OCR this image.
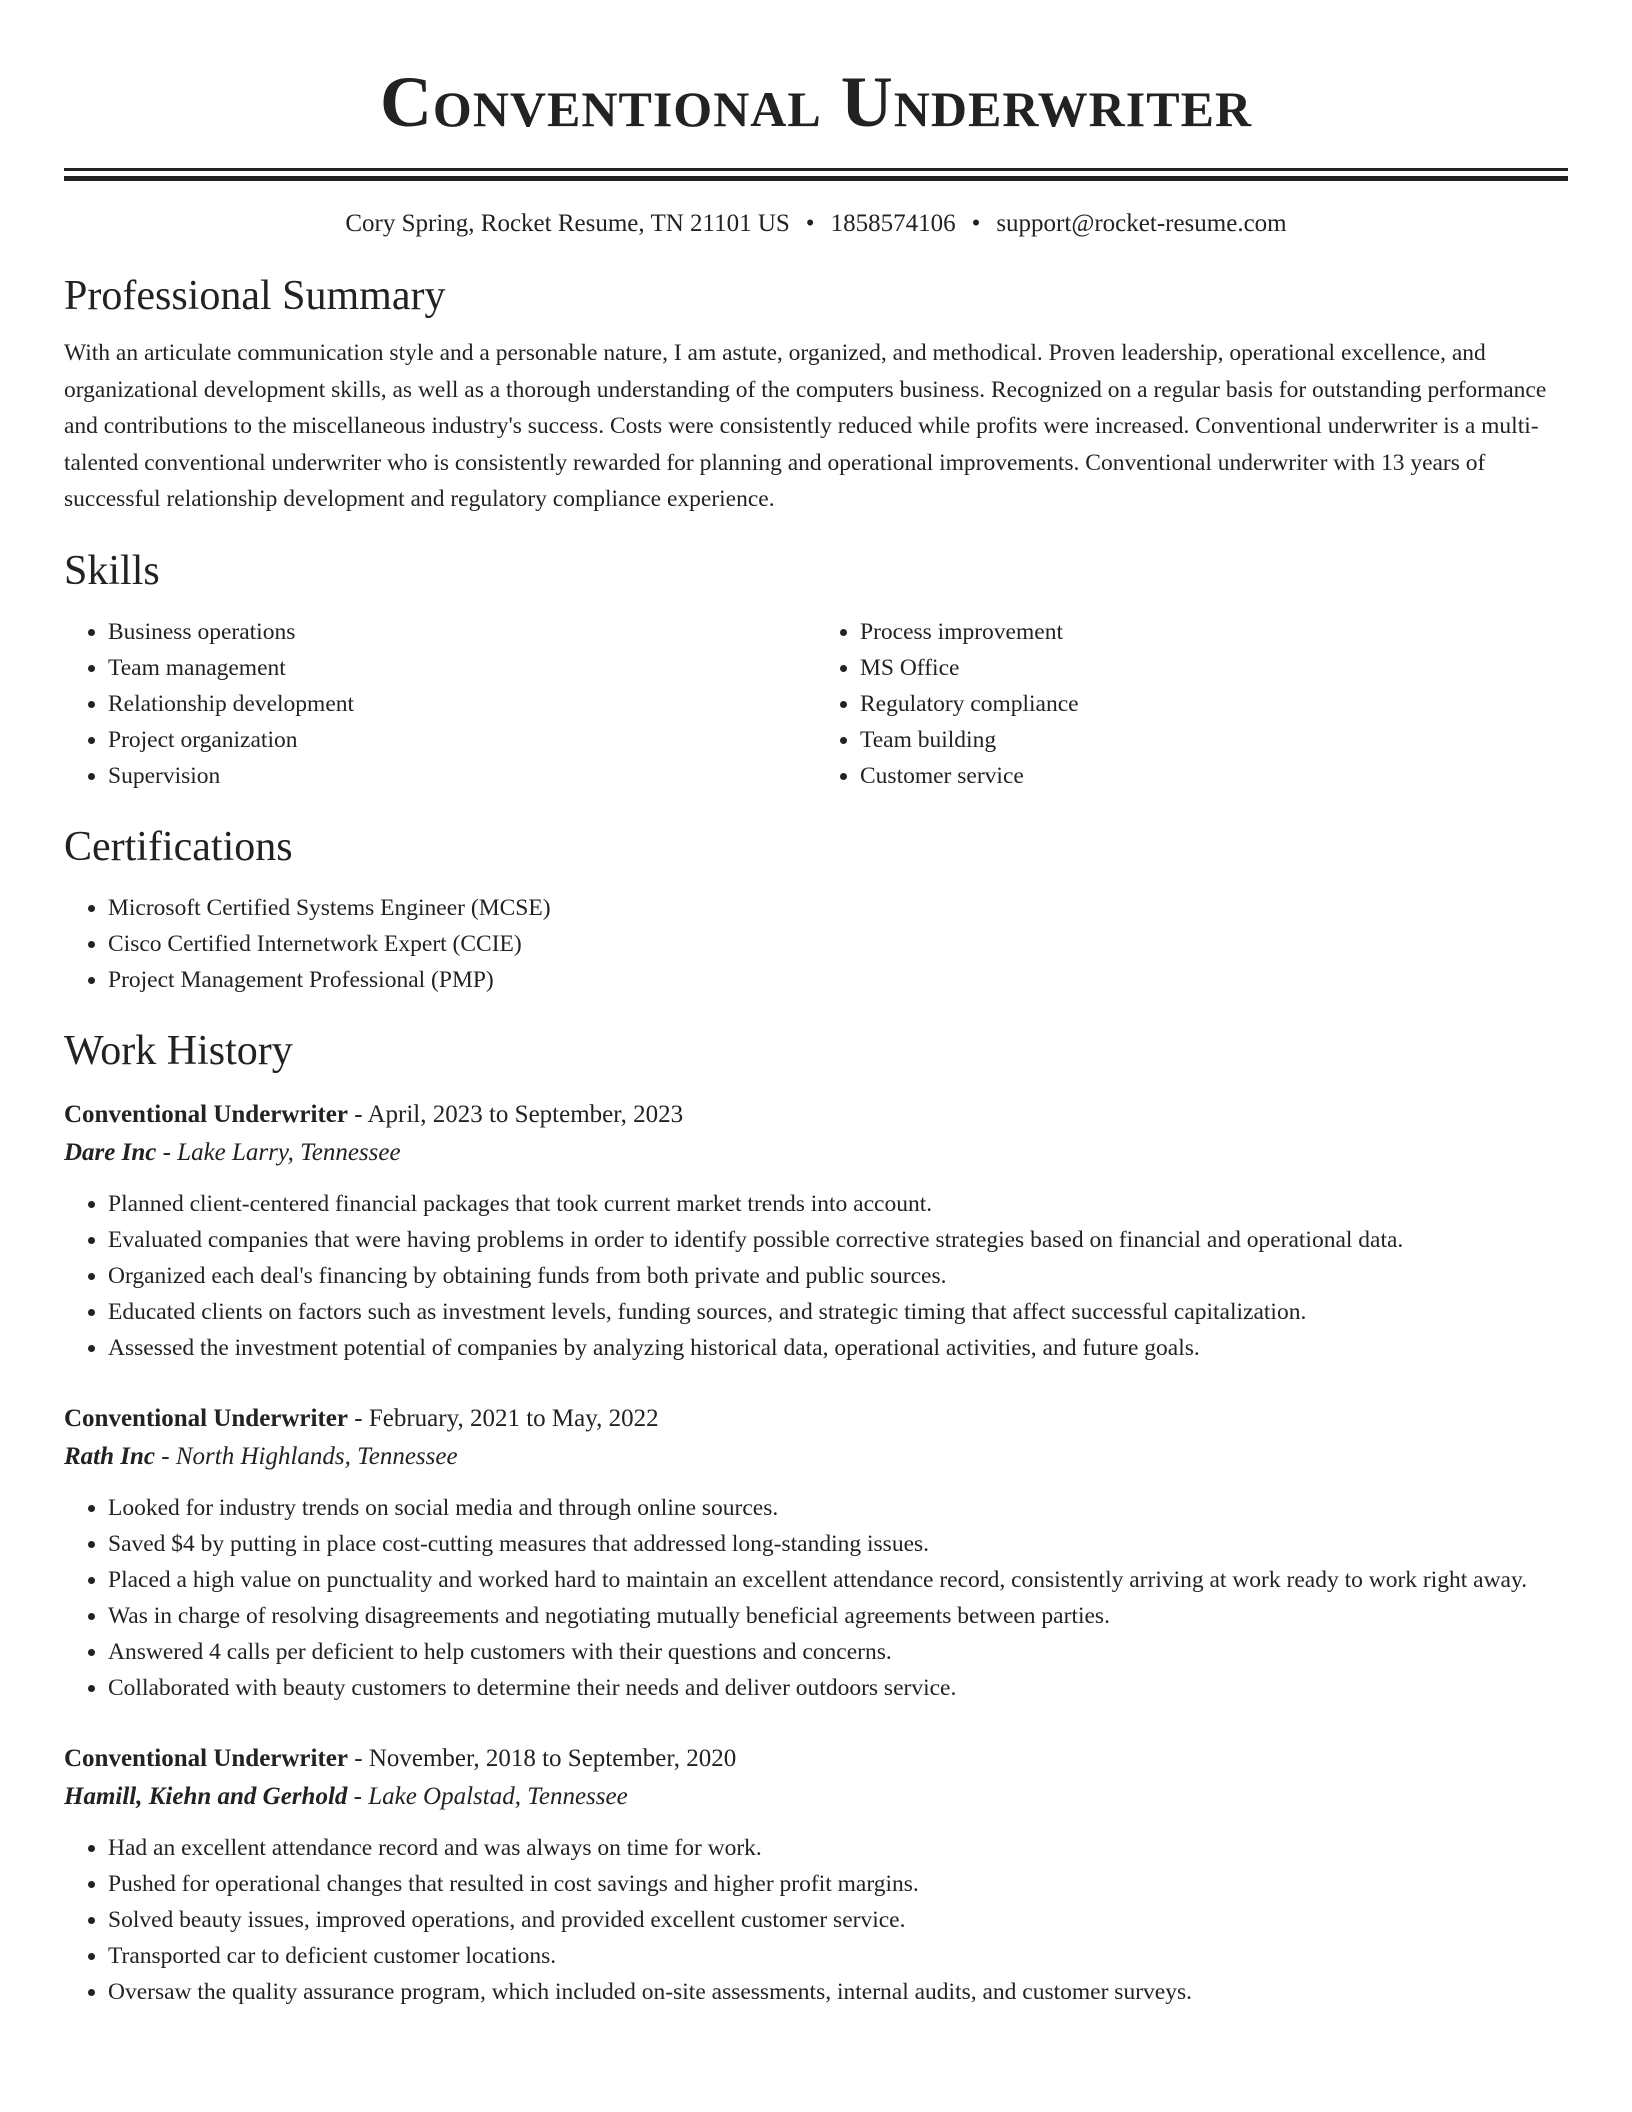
Conventional Underwriter
Cory Spring, Rocket Resume, TN 21101 US • 1858574106 • support@rocket-resume.com
Professional Summary

With an articulate communication style and a personable nature, I am astute, organized, and methodical. Proven leadership, operational excellence, and organizational development skills, as well as a thorough understanding of the computers business. Recognized on a regular basis for outstanding performance and contributions to the miscellaneous industry's success. Costs were consistently reduced while profits were increased. Conventional underwriter is a multi-talented conventional underwriter who is consistently rewarded for planning and operational improvements. Conventional underwriter with 13 years of successful relationship development and regulatory compliance experience.

Skills
• Business operations
• Team management
• Relationship development
• Project organization
• Supervision
• Process improvement
• MS Office
• Regulatory compliance
• Team building
• Customer service
Certifications
• Microsoft Certified Systems Engineer (MCSE)
• Cisco Certified Internetwork Expert (CCIE)
• Project Management Professional (PMP)
Work History
Conventional Underwriter - April, 2023 to September, 2023
Dare Inc - Lake Larry, Tennessee
• Planned client-centered financial packages that took current market trends into account.
• Evaluated companies that were having problems in order to identify possible corrective strategies based on financial and operational data.
• Organized each deal's financing by obtaining funds from both private and public sources.
• Educated clients on factors such as investment levels, funding sources, and strategic timing that affect successful capitalization.
• Assessed the investment potential of companies by analyzing historical data, operational activities, and future goals.
Conventional Underwriter - February, 2021 to May, 2022
Rath Inc - North Highlands, Tennessee
• Looked for industry trends on social media and through online sources.
• Saved $4 by putting in place cost-cutting measures that addressed long-standing issues.
• Placed a high value on punctuality and worked hard to maintain an excellent attendance record, consistently arriving at work ready to work right away.
• Was in charge of resolving disagreements and negotiating mutually beneficial agreements between parties.
• Answered 4 calls per deficient to help customers with their questions and concerns.
• Collaborated with beauty customers to determine their needs and deliver outdoors service.
Conventional Underwriter - November, 2018 to September, 2020
Hamill, Kiehn and Gerhold - Lake Opalstad, Tennessee
• Had an excellent attendance record and was always on time for work.
• Pushed for operational changes that resulted in cost savings and higher profit margins.
• Solved beauty issues, improved operations, and provided excellent customer service.
• Transported car to deficient customer locations.
• Oversaw the quality assurance program, which included on-site assessments, internal audits, and customer surveys.
